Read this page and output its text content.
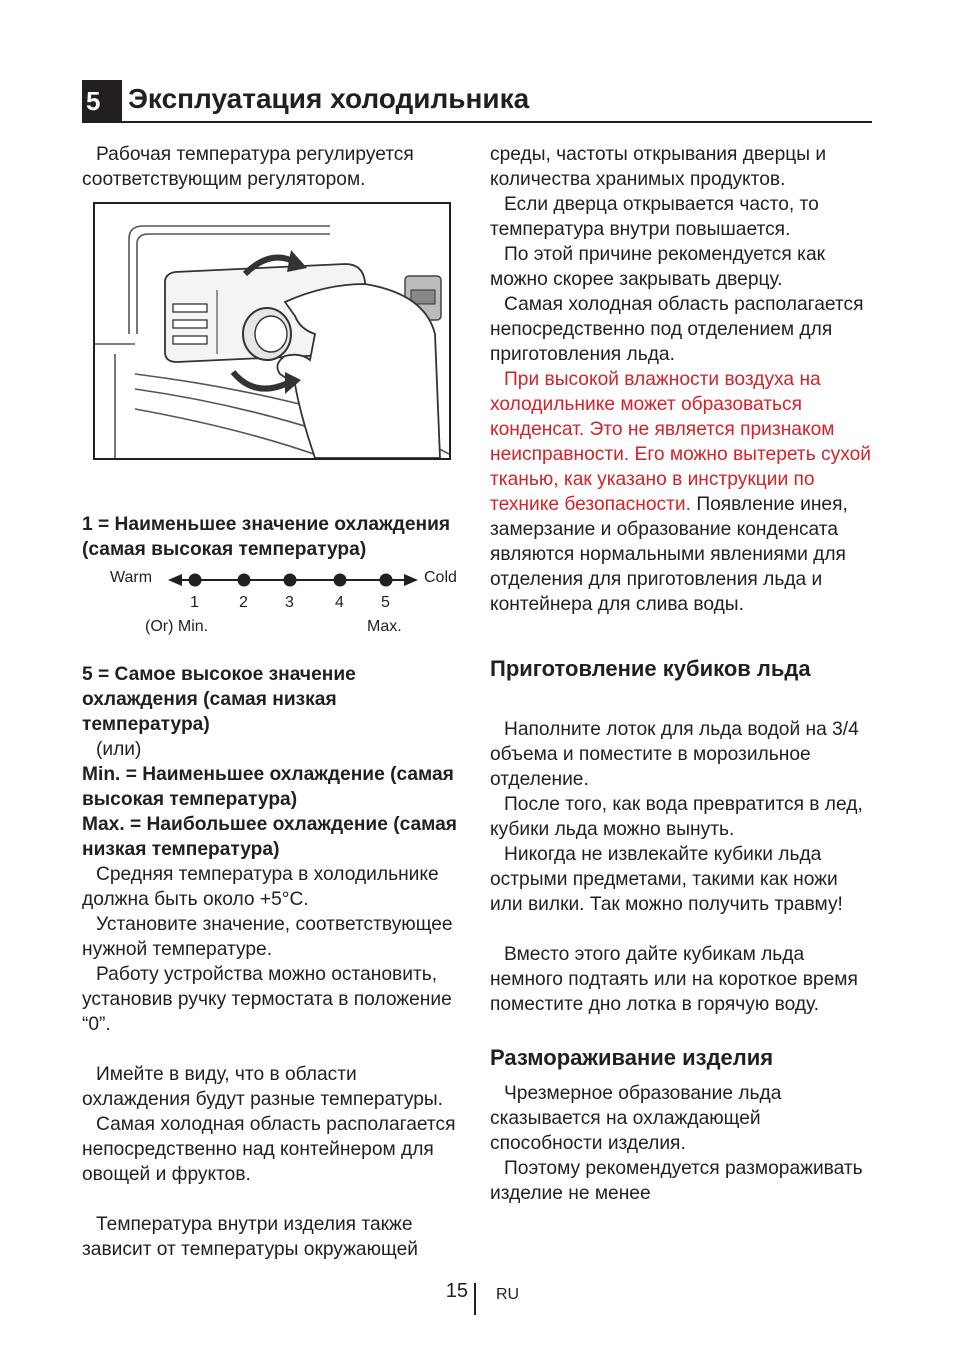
5 Эксплуатация холодильника

Рабочая температура регулируется соответствующим регулятором.

1 = Наименьшее значение охлаждения (самая высокая температура)

5 = Самое высокое значение охлаждения (самая низкая температура)

(или)

Min. = Наименьшее охлаждение (самая высокая температура)

Max. = Наибольшее охлаждение (самая низкая температура)

Средняя температура в холодильнике должна быть около +5°C.

Установите значение, соответствующее нужной температуре.

Работу устройства можно остановить, установив ручку термостата в положение “0”.

Имейте в виду, что в области охлаждения будут разные температуры.

Самая холодная область располагается непосредственно над контейнером для овощей и фруктов.

Температура внутри изделия также зависит от температуры окружающей

Warm	Cold
1	2 3	4 5
(Or) Min.	Max.

среды, частоты открывания дверцы и количества хранимых продуктов.

Если дверца открывается часто, то температура внутри повышается.

По этой причине рекомендуется как можно скорее закрывать дверцу.

Самая холодная область располагается непосредственно под отделением для приготовления льда.

При высокой влажности воздуха на холодильнике может образоваться конденсат. Это не является признаком неисправности. Его можно вытереть сухой тканью, как указано в инструкции по технике безопасности. Появление инея, замерзание и образование конденсата являются нормальными явлениями для отделения для приготовления льда и контейнера для слива воды.

Приготовление кубиков льда

Наполните лоток для льда водой на 3/4 объема и поместите в морозильное отделение.

После того, как вода превратится в лед, кубики льда можно вынуть.

Никогда не извлекайте кубики льда острыми предметами, такими как ножи или вилки. Так можно получить травму!

Вместо этого дайте кубикам льда немного подтаять или на короткое время поместите дно лотка в горячую воду.

Размораживание изделия

Чрезмерное образование льда сказывается на охлаждающей способности изделия.

Поэтому рекомендуется размораживать изделие не менее

15 RU
